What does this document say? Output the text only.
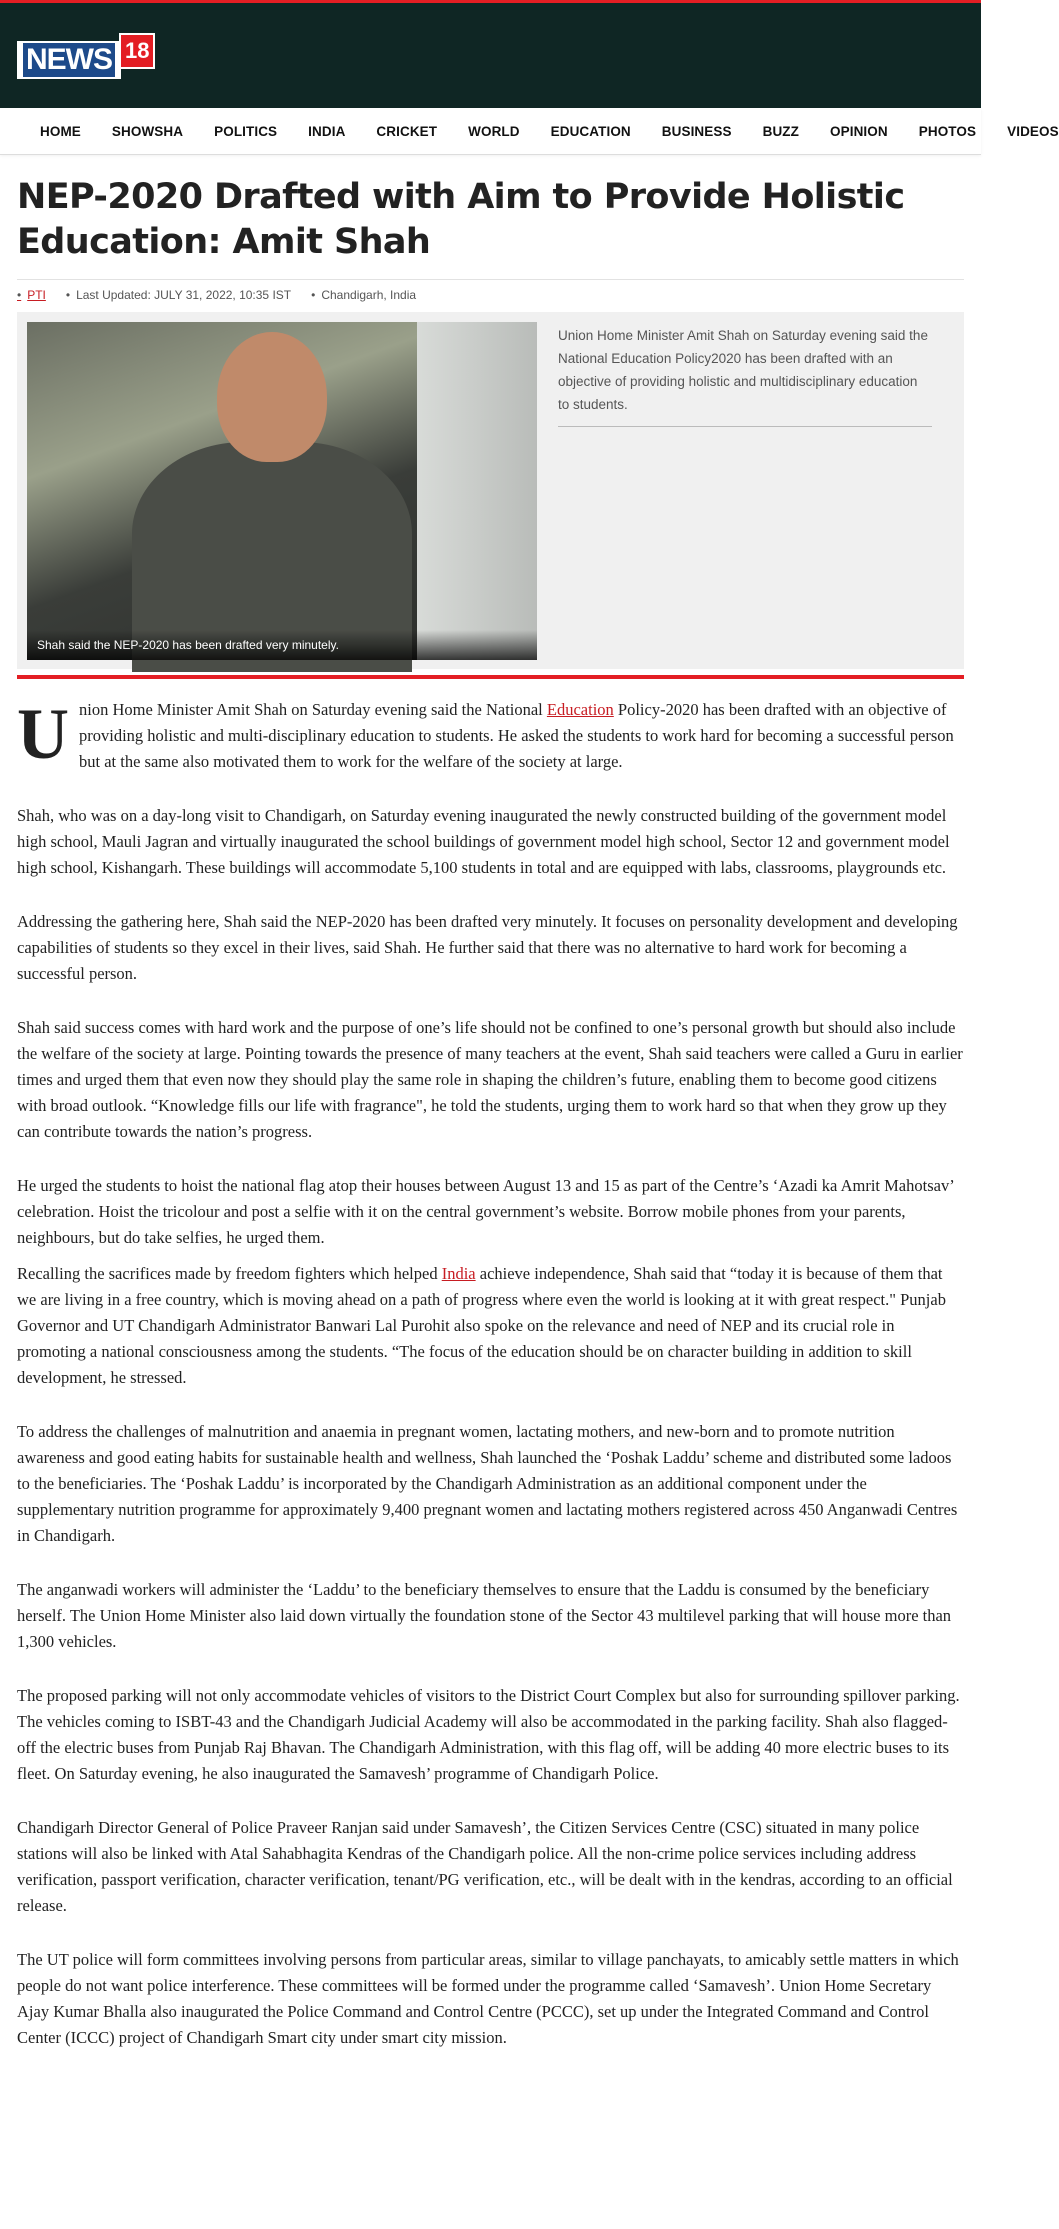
NEWS 18
HOME SHOWSHA POLITICS INDIA CRICKET WORLD EDUCATION BUSINESS BUZZ OPINION PHOTOS VIDEOS
NEP-2020 Drafted with Aim to Provide Holistic Education: Amit Shah
• PTI	• Last Updated: JULY 31, 2022, 10:35 IST	• Chandigarh, India
Shah said the NEP-2020 has been drafted very minutely.
Union Home Minister Amit Shah on Saturday evening said the National Education Policy2020 has been drafted with an objective of providing holistic and multidisciplinary education to students.

Union Home Minister Amit Shah on Saturday evening said the National Education Policy-2020 has been drafted with an objective of providing holistic and multi-disciplinary education to students. He asked the students to work hard for becoming a successful person but at the same also motivated them to work for the welfare of the society at large.

Shah, who was on a day-long visit to Chandigarh, on Saturday evening inaugurated the newly constructed building of the government model high school, Mauli Jagran and virtually inaugurated the school buildings of government model high school, Sector 12 and government model high school, Kishangarh. These buildings will accommodate 5,100 students in total and are equipped with labs, classrooms, playgrounds etc.

Addressing the gathering here, Shah said the NEP-2020 has been drafted very minutely. It focuses on personality development and developing capabilities of students so they excel in their lives, said Shah. He further said that there was no alternative to hard work for becoming a successful person.

Shah said success comes with hard work and the purpose of one’s life should not be confined to one’s personal growth but should also include the welfare of the society at large. Pointing towards the presence of many teachers at the event, Shah said teachers were called a Guru in earlier times and urged them that even now they should play the same role in shaping the children’s future, enabling them to become good citizens with broad outlook. “Knowledge fills our life with fragrance", he told the students, urging them to work hard so that when they grow up they can contribute towards the nation’s progress.

He urged the students to hoist the national flag atop their houses between August 13 and 15 as part of the Centre’s ‘Azadi ka Amrit Mahotsav’ celebration. Hoist the tricolour and post a selfie with it on the central government’s website. Borrow mobile phones from your parents, neighbours, but do take selfies, he urged them.

Recalling the sacrifices made by freedom fighters which helped India achieve independence, Shah said that “today it is because of them that we are living in a free country, which is moving ahead on a path of progress where even the world is looking at it with great respect." Punjab Governor and UT Chandigarh Administrator Banwari Lal Purohit also spoke on the relevance and need of NEP and its crucial role in promoting a national consciousness among the students. “The focus of the education should be on character building in addition to skill development, he stressed.

To address the challenges of malnutrition and anaemia in pregnant women, lactating mothers, and new-born and to promote nutrition awareness and good eating habits for sustainable health and wellness, Shah launched the ‘Poshak Laddu’ scheme and distributed some ladoos to the beneficiaries. The ‘Poshak Laddu’ is incorporated by the Chandigarh Administration as an additional component under the supplementary nutrition programme for approximately 9,400 pregnant women and lactating mothers registered across 450 Anganwadi Centres in Chandigarh.

The anganwadi workers will administer the ‘Laddu’ to the beneficiary themselves to ensure that the Laddu is consumed by the beneficiary herself. The Union Home Minister also laid down virtually the foundation stone of the Sector 43 multilevel parking that will house more than 1,300 vehicles.

The proposed parking will not only accommodate vehicles of visitors to the District Court Complex but also for surrounding spillover parking. The vehicles coming to ISBT-43 and the Chandigarh Judicial Academy will also be accommodated in the parking facility. Shah also flagged-off the electric buses from Punjab Raj Bhavan. The Chandigarh Administration, with this flag off, will be adding 40 more electric buses to its fleet. On Saturday evening, he also inaugurated the Samavesh’ programme of Chandigarh Police.

Chandigarh Director General of Police Praveer Ranjan said under Samavesh’, the Citizen Services Centre (CSC) situated in many police stations will also be linked with Atal Sahabhagita Kendras of the Chandigarh police. All the non-crime police services including address verification, passport verification, character verification, tenant/PG verification, etc., will be dealt with in the kendras, according to an official release.

The UT police will form committees involving persons from particular areas, similar to village panchayats, to amicably settle matters in which people do not want police interference. These committees will be formed under the programme called ‘Samavesh’. Union Home Secretary Ajay Kumar Bhalla also inaugurated the Police Command and Control Centre (PCCC), set up under the Integrated Command and Control Center (ICCC) project of Chandigarh Smart city under smart city mission.
